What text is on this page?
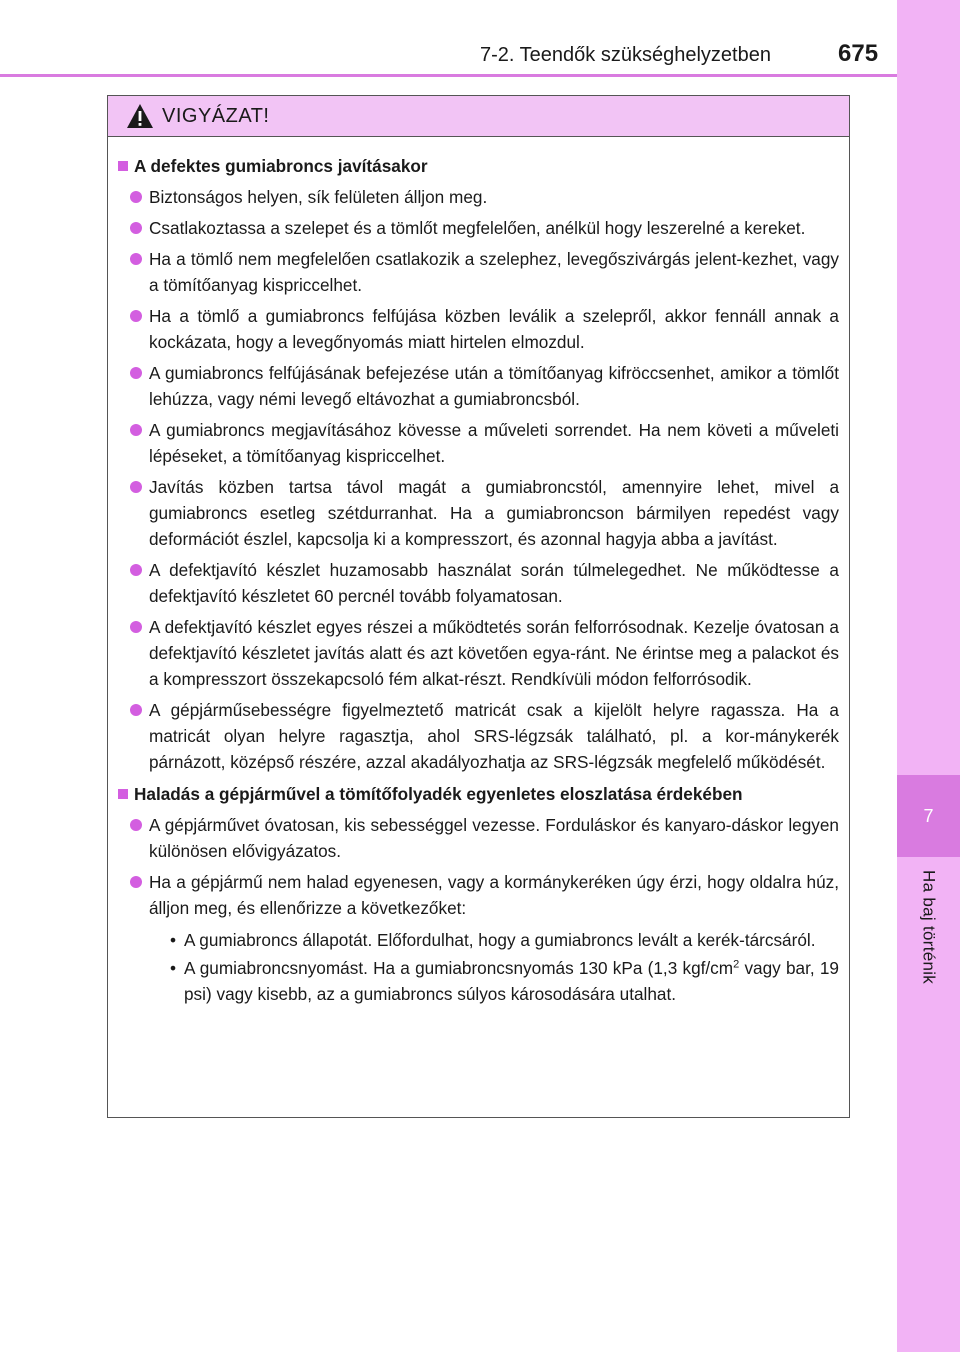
7
Ha baj történik
7-2. Teendők szükséghelyzetben	675
VIGYÁZAT!
A defektes gumiabroncs javításakor
Biztonságos helyen, sík felületen álljon meg.
Csatlakoztassa a szelepet és a tömlőt megfelelően, anélkül hogy leszerelné a kereket.
Ha a tömlő nem megfelelően csatlakozik a szelephez, levegőszivárgás jelent-kezhet, vagy a tömítőanyag kispriccelhet.
Ha a tömlő a gumiabroncs felfújása közben leválik a szelepről, akkor fennáll annak a kockázata, hogy a levegőnyomás miatt hirtelen elmozdul.
A gumiabroncs felfújásának befejezése után a tömítőanyag kifröccsenhet, amikor a tömlőt lehúzza, vagy némi levegő eltávozhat a gumiabroncsból.
A gumiabroncs megjavításához kövesse a műveleti sorrendet. Ha nem követi a műveleti lépéseket, a tömítőanyag kispriccelhet.
Javítás közben tartsa távol magát a gumiabroncstól, amennyire lehet, mivel a gumiabroncs esetleg szétdurranhat. Ha a gumiabroncson bármilyen repedést vagy deformációt észlel, kapcsolja ki a kompresszort, és azonnal hagyja abba a javítást.
A defektjavító készlet huzamosabb használat során túlmelegedhet. Ne működtesse a defektjavító készletet 60 percnél tovább folyamatosan.
A defektjavító készlet egyes részei a működtetés során felforrósodnak. Kezelje óvatosan a defektjavító készletet javítás alatt és azt követően egya-ránt. Ne érintse meg a palackot és a kompresszort összekapcsoló fém alkat-részt. Rendkívüli módon felforrósodik.
A gépjárműsebességre figyelmeztető matricát csak a kijelölt helyre ragassza. Ha a matricát olyan helyre ragasztja, ahol SRS-légzsák található, pl. a kor-mánykerék párnázott, középső részére, azzal akadályozhatja az SRS-légzsák megfelelő működését.
Haladás a gépjárművel a tömítőfolyadék egyenletes eloszlatása érdekében
A gépjárművet óvatosan, kis sebességgel vezesse. Forduláskor és kanyaro-dáskor legyen különösen elővigyázatos.
Ha a gépjármű nem halad egyenesen, vagy a kormánykeréken úgy érzi, hogy oldalra húz, álljon meg, és ellenőrizze a következőket:
• A gumiabroncs állapotát. Előfordulhat, hogy a gumiabroncs levált a kerék-tárcsáról.
• A gumiabroncsnyomást. Ha a gumiabroncsnyomás 130 kPa (1,3 kgf/$cm^2$ vagy bar, 19 psi) vagy kisebb, az a gumiabroncs súlyos károsodására utalhat.
